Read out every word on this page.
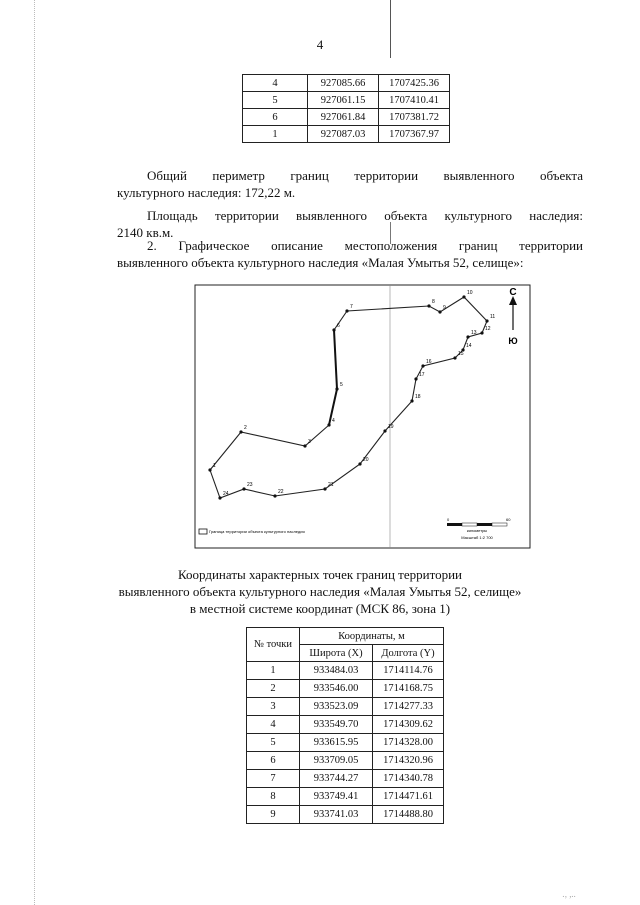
4
4	927085.66	1707425.36
5	927061.15	1707410.41
6	927061.84	1707381.72
1	927087.03	1707367.97
Общий периметр границ территории выявленного объекта
культурного наследия: 172,22 м.
Площадь территории выявленного объекта культурного наследия:
2140 кв.м.
2. Графическое описание местоположения границ территории
выявленного объекта культурного наследия «Малая Умытья 52, селище»:
1
2
3
4
5
6
7
8
9
10
11
12
13
14
15
16
17
18
19
20
21
22
23
24
С
Ю
Граница территории объекта культурного наследия
0	60
километры
Масштаб 1:2 700
Координаты характерных точек границ территории
выявленного объекта культурного наследия «Малая Умытья 52, селище»
в местной системе координат (МСК 86, зона 1)
№ точки	Координаты, м	
	Широта (X)	Долгота (Y)
1	933484.03	1714114.76
2	933546.00	1714168.75
3	933523.09	1714277.33
4	933549.70	1714309.62
5	933615.95	1714328.00
6	933709.05	1714320.96
7	933744.27	1714340.78
8	933749.41	1714471.61
9	933741.03	1714488.80
., ,..
